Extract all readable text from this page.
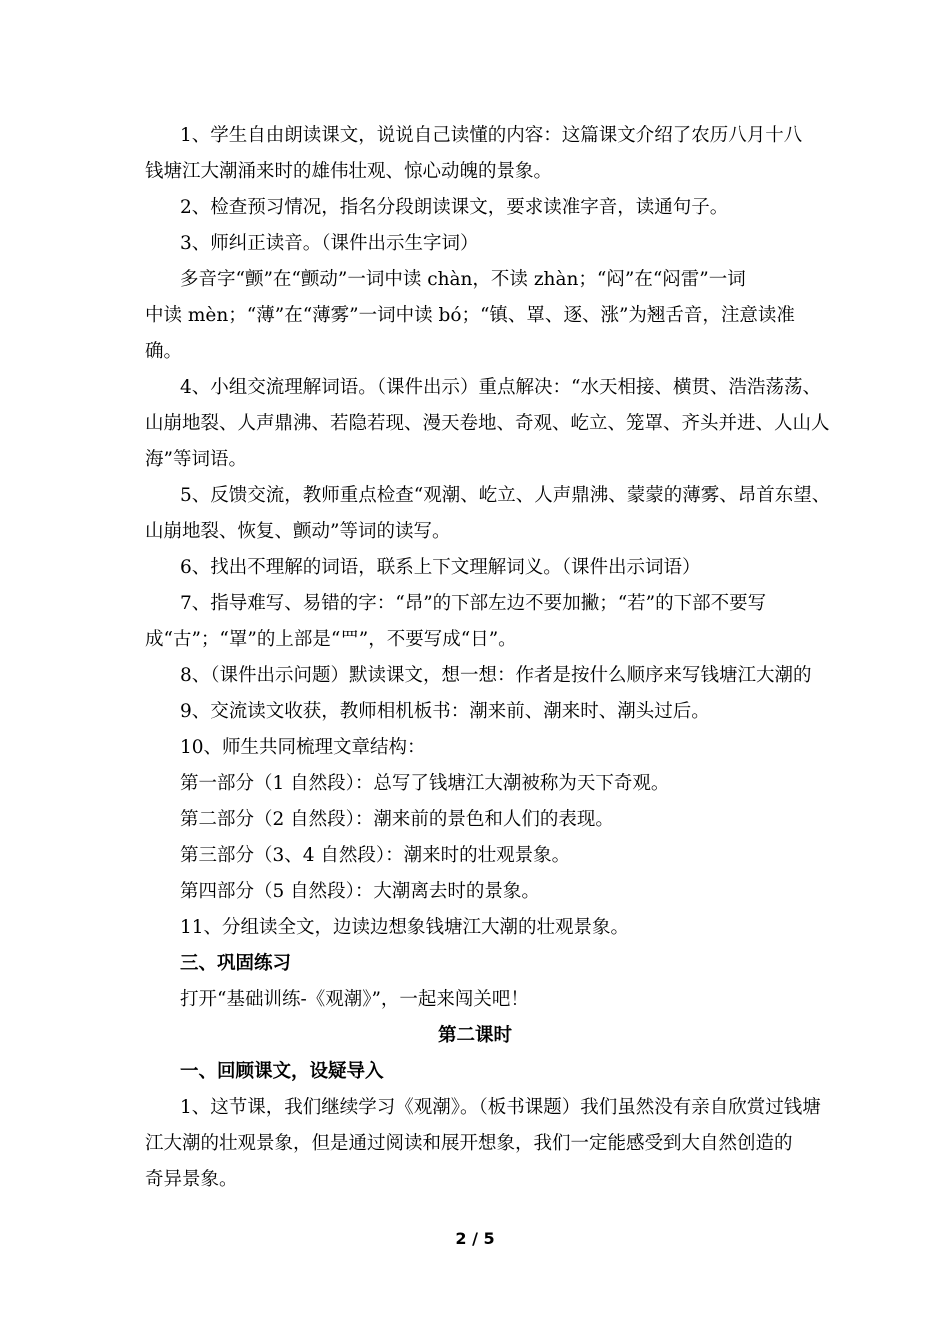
1、学生自由朗读课文，说说自己读懂的内容：这篇课文介绍了农历八月十八
钱塘江大潮涌来时的雄伟壮观、惊心动魄的景象。
2、检查预习情况，指名分段朗读课文，要求读准字音，读通句子。
3、师纠正读音。（课件出示生字词）
多音字“颤”在“颤动”一词中读 chàn，不读 zhàn；“闷”在“闷雷”一词
中读 mèn；“薄”在“薄雾”一词中读 bó；“镇、罩、逐、涨”为翘舌音，注意读准
确。
4、小组交流理解词语。（课件出示）重点解决：“水天相接、横贯、浩浩荡荡、
山崩地裂、人声鼎沸、若隐若现、漫天卷地、奇观、屹立、笼罩、齐头并进、人山人
海”等词语。
5、反馈交流，教师重点检查“观潮、屹立、人声鼎沸、蒙蒙的薄雾、昂首东望、
山崩地裂、恢复、颤动”等词的读写。
6、找出不理解的词语，联系上下文理解词义。（课件出示词语）
7、指导难写、易错的字：“昂”的下部左边不要加撇；“若”的下部不要写
成“古”；“罩”的上部是“罒”，不要写成“日”。
8、（课件出示问题）默读课文，想一想：作者是按什么顺序来写钱塘江大潮的
9、交流读文收获，教师相机板书：潮来前、潮来时、潮头过后。
10、师生共同梳理文章结构：
第一部分（1 自然段）：总写了钱塘江大潮被称为天下奇观。
第二部分（2 自然段）：潮来前的景色和人们的表现。
第三部分（3、4 自然段）：潮来时的壮观景象。
第四部分（5 自然段）：大潮离去时的景象。
11、分组读全文，边读边想象钱塘江大潮的壮观景象。
三、巩固练习
打开“基础训练-《观潮》”，一起来闯关吧！
第二课时
一、回顾课文，设疑导入
1、这节课，我们继续学习《观潮》。（板书课题）我们虽然没有亲自欣赏过钱塘
江大潮的壮观景象，但是通过阅读和展开想象，我们一定能感受到大自然创造的
奇异景象。
2 / 5
